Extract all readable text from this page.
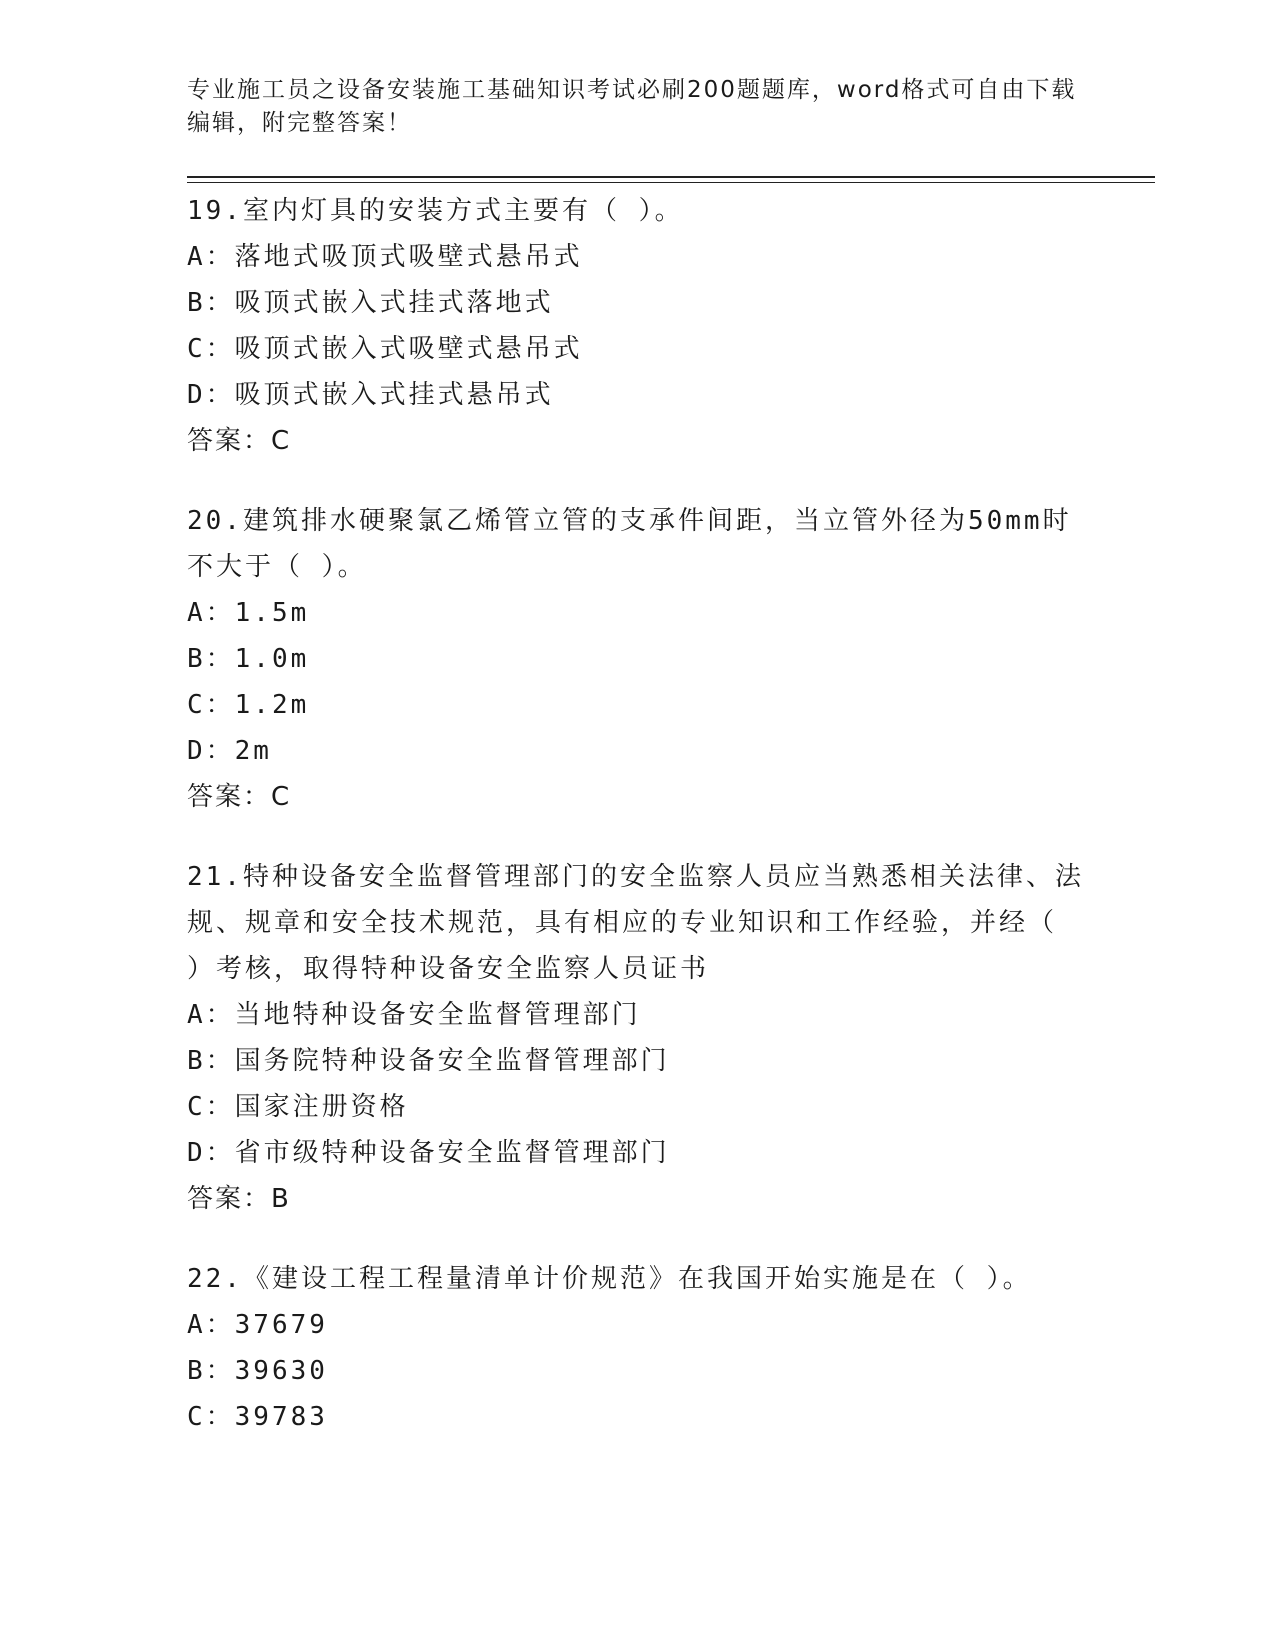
专业施工员之设备安装施工基础知识考试必刷200题题库，word格式可自由下载
编辑，附完整答案！
19.室内灯具的安装方式主要有（ ）。
A：落地式吸顶式吸壁式悬吊式
B：吸顶式嵌入式挂式落地式
C：吸顶式嵌入式吸壁式悬吊式
D：吸顶式嵌入式挂式悬吊式
答案：C
20.建筑排水硬聚氯乙烯管立管的支承件间距，当立管外径为50mm时
不大于（ ）。
A：1.5m
B：1.0m
C：1.2m
D：2m
答案：C
21.特种设备安全监督管理部门的安全监察人员应当熟悉相关法律、法
规、规章和安全技术规范，具有相应的专业知识和工作经验，并经（
）考核，取得特种设备安全监察人员证书
A：当地特种设备安全监督管理部门
B：国务院特种设备安全监督管理部门
C：国家注册资格
D：省市级特种设备安全监督管理部门
答案：B
22.《建设工程工程量清单计价规范》在我国开始实施是在（ ）。
A：37679
B：39630
C：39783
